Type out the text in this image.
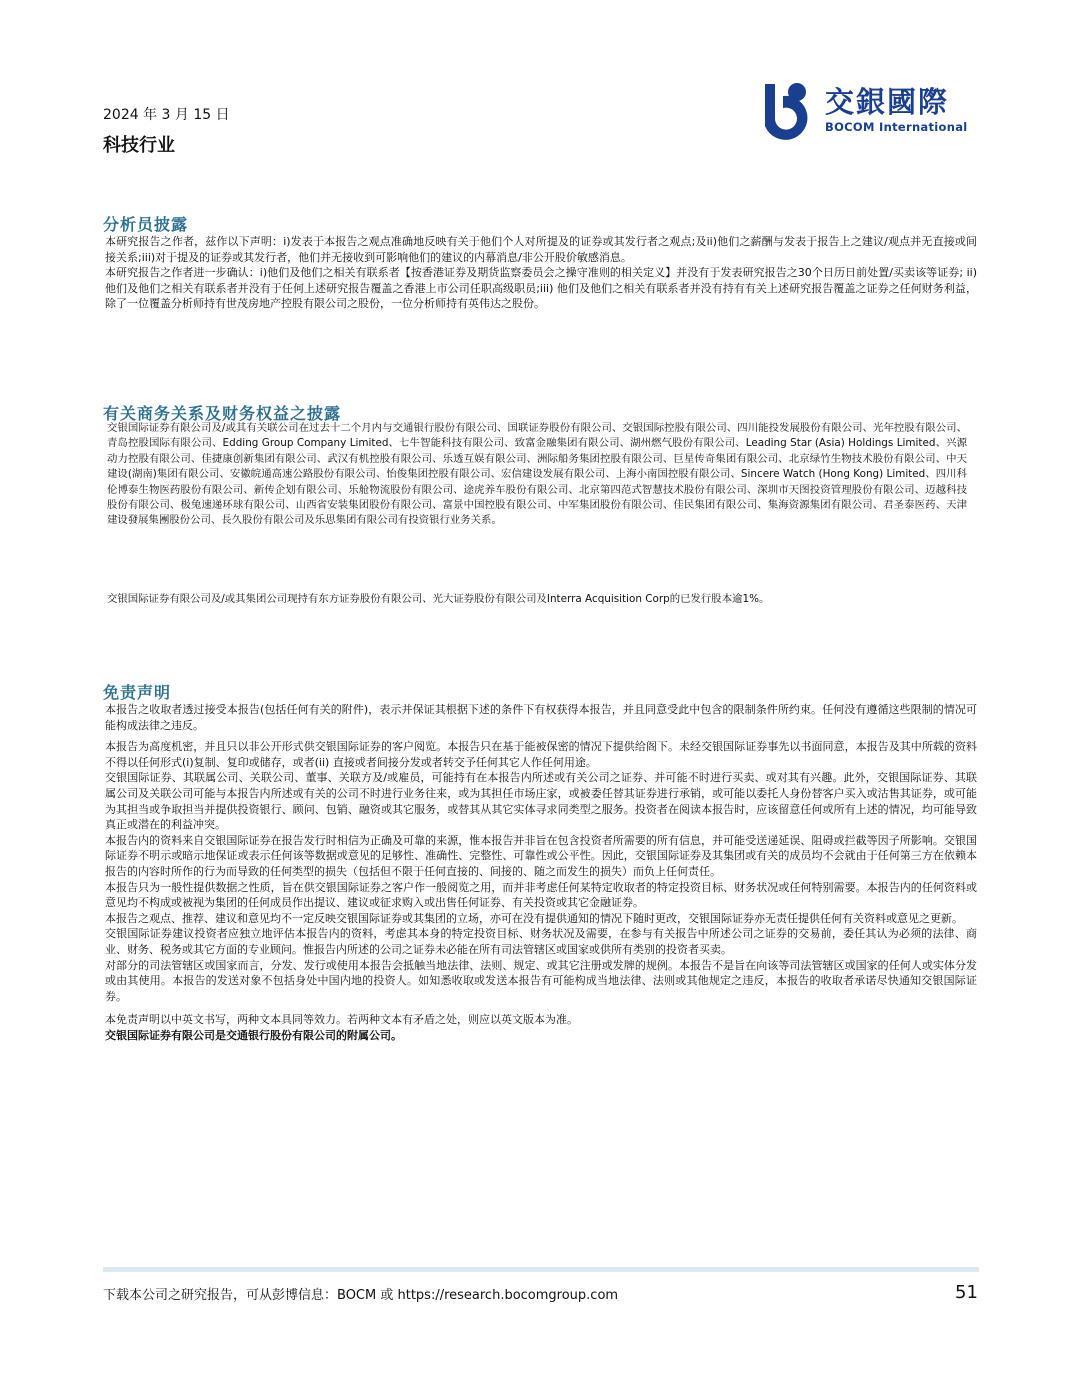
2024 年 3 月 15 日
科技行业
交銀國際
BOCOM International
分析员披露

本研究报告之作者，兹作以下声明：i)发表于本报告之观点准确地反映有关于他们个人对所提及的证券或其发行者之观点;及ii)他们之薪酬与发表于报告上之建议/观点并无直接或间接关系;iii)对于提及的证券或其发行者，他们并无接收到可影响他们的建议的内幕消息/非公开股价敏感消息。

本研究报告之作者进一步确认：i)他们及他们之相关有联系者【按香港证券及期货监察委员会之操守准则的相关定义】并没有于发表研究报告之30个日历日前处置/买卖该等证券; ii)他们及他们之相关有联系者并没有于任何上述研究报告覆盖之香港上市公司任职高级职员;iii) 他们及他们之相关有联系者并没有持有有关上述研究报告覆盖之证券之任何财务利益，除了一位覆盖分析师持有世茂房地产控股有限公司之股份，一位分析师持有英伟达之股份。

有关商务关系及财务权益之披露
交银国际证券有限公司及/或其有关联公司在过去十二个月内与交通银行股份有限公司、国联证券股份有限公司、交银国际控股有限公司、四川能投发展股份有限公司、光年控股有限公司、青岛控股国际有限公司、Edding Group Company Limited、七牛智能科技有限公司、致富金融集团有限公司、湖州燃气股份有限公司、Leading Star (Asia) Holdings Limited、兴源动力控股有限公司、佳捷康创新集团有限公司、武汉有机控股有限公司、乐透互娱有限公司、洲际船务集团控股有限公司、巨星传奇集团有限公司、北京绿竹生物技术股份有限公司、中天建设(湖南)集团有限公司、安徽皖通高速公路股份有限公司、怡俊集团控股有限公司、宏信建设发展有限公司、上海小南国控股有限公司、Sincere Watch (Hong Kong) Limited、四川科伦博泰生物医药股份有限公司、新传企划有限公司、乐舱物流股份有限公司、途虎养车股份有限公司、北京第四范式智慧技术股份有限公司、深圳市天图投资管理股份有限公司、迈越科技股份有限公司、极兔速递环球有限公司、山西省安装集团股份有限公司、富景中国控股有限公司、中军集团股份有限公司、佳民集团有限公司、集海资源集团有限公司、君圣泰医药、天津建设發展集團股份公司、長久股份有限公司及乐思集团有限公司有投资银行业务关系。
交银国际证券有限公司及/或其集团公司现持有东方证券股份有限公司、光大证券股份有限公司及Interra Acquisition Corp的已发行股本逾1%。
免责声明

本报告之收取者透过接受本报告(包括任何有关的附件)，表示并保证其根据下述的条件下有权获得本报告，并且同意受此中包含的限制条件所约束。任何没有遵循这些限制的情况可能构成法律之违反。

本报告为高度机密，并且只以非公开形式供交银国际证券的客户阅览。本报告只在基于能被保密的情况下提供给阁下。未经交银国际证券事先以书面同意，本报告及其中所载的资料不得以任何形式(i)复制、复印或储存，或者(ii) 直接或者间接分发或者转交予任何其它人作任何用途。

交银国际证券、其联属公司、关联公司、董事、关联方及/或雇员，可能持有在本报告内所述或有关公司之证券、并可能不时进行买卖、或对其有兴趣。此外，交银国际证券、其联属公司及关联公司可能与本报告内所述或有关的公司不时进行业务往来，或为其担任市场庄家，或被委任替其证券进行承销，或可能以委托人身份替客户买入或沽售其证券，或可能为其担当或争取担当并提供投资银行、顾问、包销、融资或其它服务，或替其从其它实体寻求同类型之服务。投资者在阅读本报告时，应该留意任何或所有上述的情况，均可能导致真正或潜在的利益冲突。

本报告内的资料来自交银国际证券在报告发行时相信为正确及可靠的来源，惟本报告并非旨在包含投资者所需要的所有信息，并可能受送递延误、阻碍或拦截等因子所影响。交银国际证券不明示或暗示地保证或表示任何该等数据或意见的足够性、准确性、完整性、可靠性或公平性。因此，交银国际证券及其集团或有关的成员均不会就由于任何第三方在依赖本报告的内容时所作的行为而导致的任何类型的损失（包括但不限于任何直接的、间接的、随之而发生的损失）而负上任何责任。

本报告只为一般性提供数据之性质，旨在供交银国际证券之客户作一般阅览之用，而并非考虑任何某特定收取者的特定投资目标、财务状况或任何特别需要。本报告内的任何资料或意见均不构成或被视为集团的任何成员作出提议、建议或征求购入或出售任何证券、有关投资或其它金融证券。

本报告之观点、推荐、建议和意见均不一定反映交银国际证券或其集团的立场，亦可在没有提供通知的情况下随时更改，交银国际证券亦无责任提供任何有关资料或意见之更新。

交银国际证券建议投资者应独立地评估本报告内的资料，考虑其本身的特定投资目标、财务状况及需要，在参与有关报告中所述公司之证券的交易前，委任其认为必须的法律、商业、财务、税务或其它方面的专业顾问。惟报告内所述的公司之证券未必能在所有司法管辖区或国家或供所有类别的投资者买卖。

对部分的司法管辖区或国家而言，分发、发行或使用本报告会抵触当地法律、法则、规定、或其它注册或发牌的规例。本报告不是旨在向该等司法管辖区或国家的任何人或实体分发或由其使用。本报告的发送对象不包括身处中国内地的投资人。如知悉收取或发送本报告有可能构成当地法律、法则或其他规定之违反，本报告的收取者承诺尽快通知交银国际证券。

本免责声明以中英文书写，两种文本具同等效力。若两种文本有矛盾之处，则应以英文版本为准。

交银国际证券有限公司是交通银行股份有限公司的附属公司。

下载本公司之研究报告，可从彭博信息：BOCM 或 https://research.bocomgroup.com	51
